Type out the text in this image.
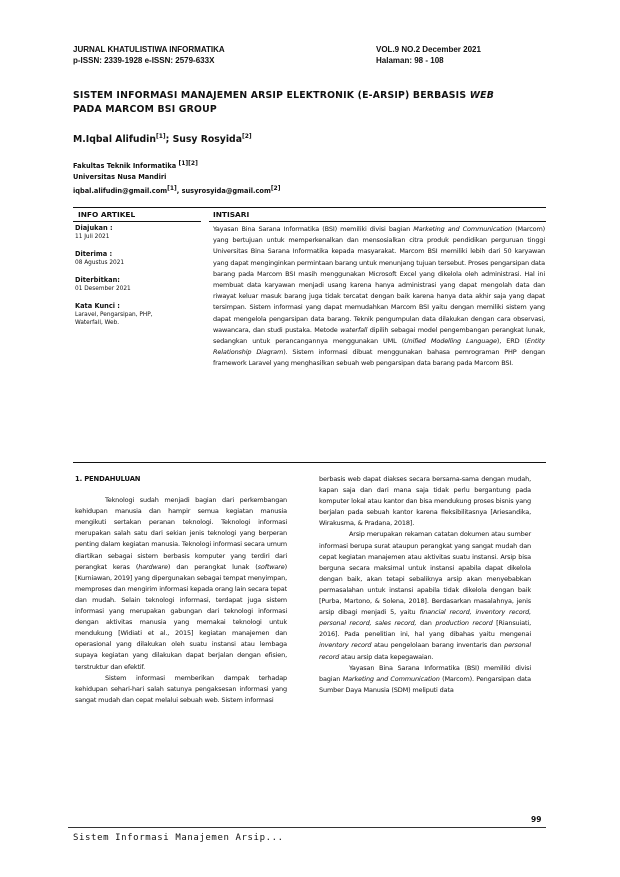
JURNAL KHATULISTIWA INFORMATIKA
p-ISSN: 2339-1928 e-ISSN: 2579-633X
VOL.9 NO.2 December 2021
Halaman: 98 - 108
SISTEM INFORMASI MANAJEMEN ARSIP ELEKTRONIK (E-ARSIP) BERBASIS WEB
PADA MARCOM BSI GROUP
M.Iqbal Alifudin[1]; Susy Rosyida[2]
Fakultas Teknik Informatika [1][2]
Universitas Nusa Mandiri
iqbal.alifudin@gmail.com[1], susyrosyida@gmail.com[2]
INFO ARTIKEL	INTISARI
Diajukan :
11 Juli 2021
Diterima :
08 Agustus 2021
Diterbitkan:
01 Desember 2021
Kata Kunci :
Laravel, Pengarsipan, PHP,
Waterfall, Web.
Yayasan Bina Sarana Informatika (BSI) memiliki divisi bagian Marketing and Communication (Marcom) yang bertujuan untuk memperkenalkan dan mensosialkan citra produk pendidikan perguruan tinggi Universitas Bina Sarana Informatika kepada masyarakat. Marcom BSI memiliki lebih dari 50 karyawan yang dapat menginginkan permintaan barang untuk menunjang tujuan tersebut. Proses pengarsipan data barang pada Marcom BSI masih menggunakan Microsoft Excel yang dikelola oleh administrasi. Hal ini membuat data karyawan menjadi usang karena hanya administrasi yang dapat mengolah data dan riwayat keluar masuk barang juga tidak tercatat dengan baik karena hanya data akhir saja yang dapat tersimpan. Sistem informasi yang dapat memudahkan Marcom BSI yaitu dengan memiliki sistem yang dapat mengelola pengarsipan data barang. Teknik pengumpulan data dilakukan dengan cara observasi, wawancara, dan studi pustaka. Metode waterfall dipilih sebagai model pengembangan perangkat lunak, sedangkan untuk perancangannya menggunakan UML (Unified Modelling Language), ERD (Entity Relationship Diagram). Sistem informasi dibuat menggunakan bahasa pemrograman PHP dengan framework Laravel yang menghasilkan sebuah web pengarsipan data barang pada Marcom BSI.
1. PENDAHULUAN

Teknologi sudah menjadi bagian dari perkembangan kehidupan manusia dan hampir semua kegiatan manusia mengikuti sertakan peranan teknologi. Teknologi informasi merupakan salah satu dari sekian jenis teknologi yang berperan penting dalam kegiatan manusia. Teknologi informasi secara umum diartikan sebagai sistem berbasis komputer yang terdiri dari perangkat keras (hardware) dan perangkat lunak (software) [Kurniawan, 2019] yang dipergunakan sebagai tempat menyimpan, memproses dan mengirim informasi kepada orang lain secara tepat dan mudah. Selain teknologi informasi, terdapat juga sistem informasi yang merupakan gabungan dari teknologi informasi dengan aktivitas manusia yang memakai teknologi untuk mendukung [Widiati et al., 2015] kegiatan manajemen dan operasional yang dilakukan oleh suatu instansi atau lembaga supaya kegiatan yang dilakukan dapat berjalan dengan efisien, terstruktur dan efektif.

Sistem informasi memberikan dampak terhadap kehidupan sehari-hari salah satunya pengaksesan informasi yang sangat mudah dan cepat melalui sebuah web. Sistem informasi

berbasis web dapat diakses secara bersama-sama dengan mudah, kapan saja dan dari mana saja tidak perlu bergantung pada komputer lokal atau kantor dan bisa mendukung proses bisnis yang berjalan pada sebuah kantor karena fleksibilitasnya [Ariesandika, Wirakusma, & Pradana, 2018].

Arsip merupakan rekaman catatan dokumen atau sumber informasi berupa surat ataupun perangkat yang sangat mudah dan cepat kegiatan manajemen atau aktivitas suatu instansi. Arsip bisa berguna secara maksimal untuk instansi apabila dapat dikelola dengan baik, akan tetapi sebaliknya arsip akan menyebabkan permasalahan untuk instansi apabila tidak dikelola dengan baik [Purba, Martono, & Solena, 2018]. Berdasarkan masalahnya, jenis arsip dibagi menjadi 5, yaitu financial record, inventory record, personal record, sales record, dan production record [Riansuiati, 2016]. Pada penelitian ini, hal yang dibahas yaitu mengenai inventory record atau pengelolaan barang inventaris dan personal record atau arsip data kepegawaian.

Yayasan Bina Sarana Informatika (BSI) memiliki divisi bagian Marketing and Communication (Marcom). Pengarsipan data Sumber Daya Manusia (SDM) meliputi data

99
Sistem Informasi Manajemen Arsip...
